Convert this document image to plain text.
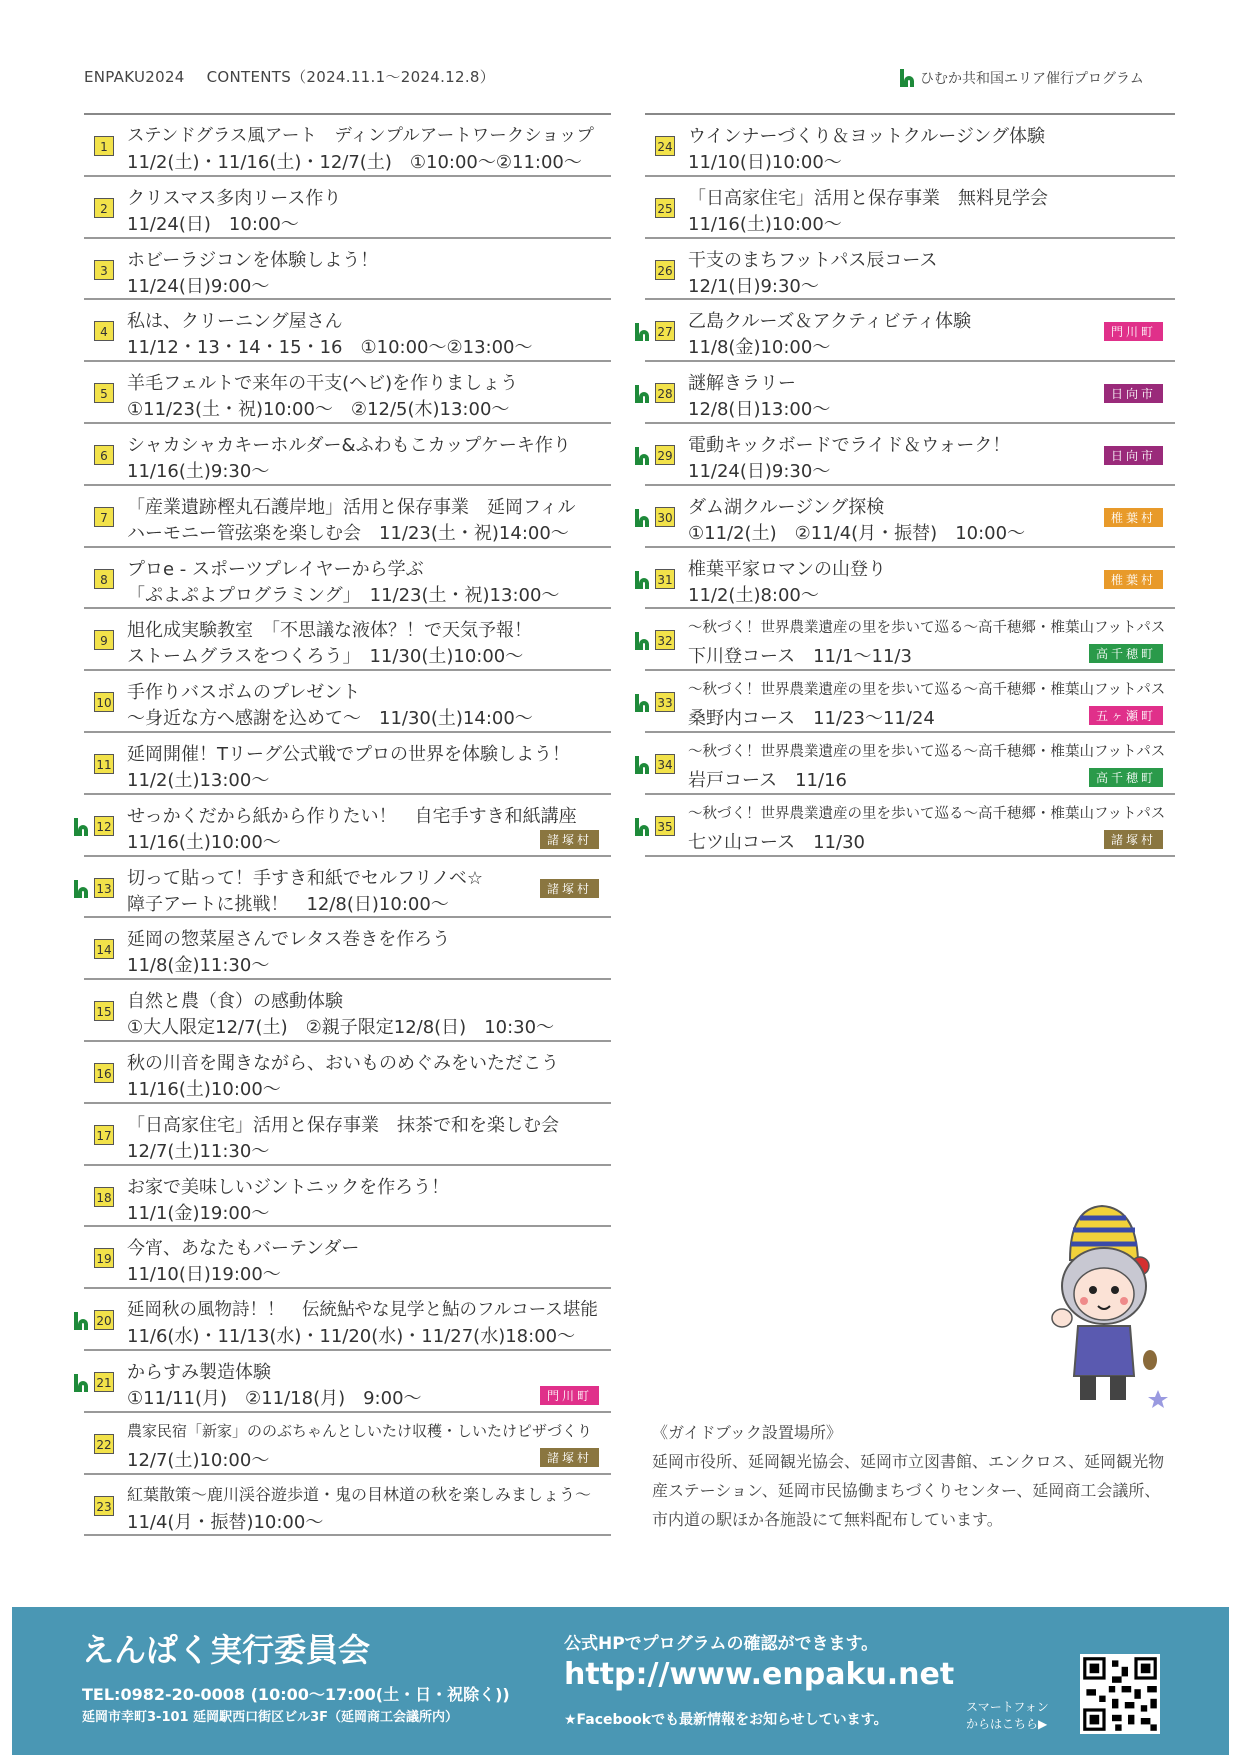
ENPAKU2024 CONTENTS（2024.11.1〜2024.12.8）	ひむか共和国エリア催行プログラム
1
ステンドグラス風アート　ディンプルアートワークショップ
11/2(土)・11/16(土)・12/7(土)　①10:00〜②11:00〜
2	クリスマス多肉リース作り
11/24(日)　10:00〜
3	ホビーラジコンを体験しよう！
11/24(日)9:00〜
4	私は、クリーニング屋さん
11/12・13・14・15・16　①10:00〜②13:00〜
5	羊毛フェルトで来年の干支(ヘビ)を作りましょう
①11/23(土・祝)10:00〜　②12/5(木)13:00〜
6	シャカシャカキーホルダー&ふわもこカップケーキ作り
11/16(土)9:30〜
7	「産業遺跡樫丸石護岸地」活用と保存事業　延岡フィル
ハーモニー管弦楽を楽しむ会　11/23(土・祝)14:00〜
8	プロe - スポーツプレイヤーから学ぶ
「ぷよぷよプログラミング」　11/23(土・祝)13:00〜
9	旭化成実験教室　「不思議な液体？！で天気予報！
ストームグラスをつくろう」　11/30(土)10:00〜
10 手作りバスボムのプレゼント
〜身近な方へ感謝を込めて〜　11/30(土)14:00〜
11 延岡開催！Tリーグ公式戦でプロの世界を体験しよう！
11/2(土)13:00〜
12 せっかくだから紙から作りたい！　自宅手すき和紙講座
11/16(土)10:00〜	諸塚村
13 切って貼って！手すき和紙でセルフリノベ☆
障子アートに挑戦！　12/8(日)10:00〜
諸塚村
14 延岡の惣菜屋さんでレタス巻きを作ろう
11/8(金)11:30〜
15 自然と農（食）の感動体験
①大人限定12/7(土)　②親子限定12/8(日)　10:30〜
16 秋の川音を聞きながら、おいものめぐみをいただこう
11/16(土)10:00〜
17 「日高家住宅」活用と保存事業　抹茶で和を楽しむ会
12/7(土)11:30〜
18 お家で美味しいジントニックを作ろう！
11/1(金)19:00〜
19 今宵、あなたもバーテンダー
11/10(日)19:00〜
20
延岡秋の風物詩！！　伝統鮎やな見学と鮎のフルコース堪能
11/6(水)・11/13(水)・11/20(水)・11/27(水)18:00〜
21 からすみ製造体験
①11/11(月)　②11/18(月)　9:00〜	門川町
22
農家民宿「新家」ののぶちゃんとしいたけ収穫・しいたけピザづくり
12/7(土)10:00〜	諸塚村
23
紅葉散策〜鹿川渓谷遊歩道・鬼の目林道の秋を楽しみましょう〜
11/4(月・振替)10:00〜
24 ウインナーづくり＆ヨットクルージング体験
11/10(日)10:00〜
25 「日高家住宅」活用と保存事業　無料見学会
11/16(土)10:00〜
26 干支のまちフットパス辰コース
12/1(日)9:30〜
27 乙島クルーズ＆アクティビティ体験
11/8(金)10:00〜
門川町
28 謎解きラリー
12/8(日)13:00〜
日向市
29 電動キックボードでライド＆ウォーク！
11/24(日)9:30〜
日向市
30 ダム湖クルージング探検
①11/2(土)　②11/4(月・振替)　10:00〜
椎葉村
31 椎葉平家ロマンの山登り
11/2(土)8:00〜
椎葉村
32
〜秋づく！世界農業遺産の里を歩いて巡る〜高千穂郷・椎葉山フットパス
下川登コース　11/1〜11/3	高千穂町
33
〜秋づく！世界農業遺産の里を歩いて巡る〜高千穂郷・椎葉山フットパス
桑野内コース　11/23〜11/24	五ヶ瀬町
34
〜秋づく！世界農業遺産の里を歩いて巡る〜高千穂郷・椎葉山フットパス
岩戸コース　11/16	高千穂町
35
〜秋づく！世界農業遺産の里を歩いて巡る〜高千穂郷・椎葉山フットパス
七ツ山コース　11/30	諸塚村
《ガイドブック設置場所》
延岡市役所、延岡観光協会、延岡市立図書館、エンクロス、延岡観光物産ステーション、延岡市民協働まちづくりセンター、延岡商工会議所、市内道の駅ほか各施設にて無料配布しています。
えんぱく実行委員会
TEL:0982-20-0008 (10:00〜17:00(土・日・祝除く))
延岡市幸町3-101 延岡駅西口街区ビル3F（延岡商工会議所内）
公式HPでプログラムの確認ができます。
http://www.enpaku.net
★Facebookでも最新情報をお知らせしています。
スマートフォン
からはこちら▶
